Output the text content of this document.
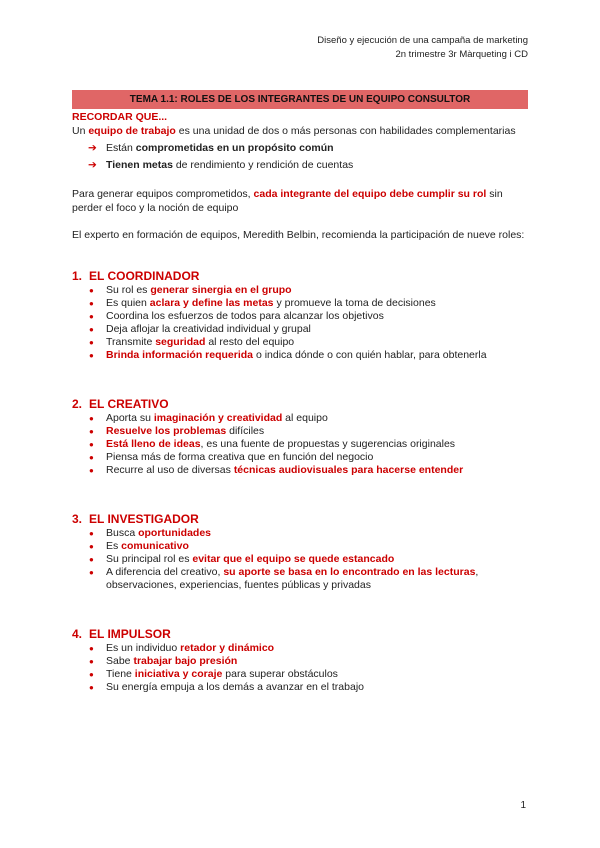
Diseño y ejecución de una campaña de marketing
2n trimestre 3r Màrqueting i CD
TEMA 1.1: ROLES DE LOS INTEGRANTES DE UN EQUIPO CONSULTOR
RECORDAR QUE...

Un equipo de trabajo es una unidad de dos o más personas con habilidades complementarias

➔ Están comprometidas en un propósito común
➔ Tienen metas de rendimiento y rendición de cuentas

Para generar equipos comprometidos, cada integrante del equipo debe cumplir su rol sin perder el foco y la noción de equipo

El experto en formación de equipos, Meredith Belbin, recomienda la participación de nueve roles:

1. EL COORDINADOR
● Su rol es generar sinergia en el grupo
● Es quien aclara y define las metas y promueve la toma de decisiones
● Coordina los esfuerzos de todos para alcanzar los objetivos
● Deja aflojar la creatividad individual y grupal
● Transmite seguridad al resto del equipo
● Brinda información requerida o indica dónde o con quién hablar, para obtenerla
2. EL CREATIVO
● Aporta su imaginación y creatividad al equipo
● Resuelve los problemas difíciles
● Está lleno de ideas, es una fuente de propuestas y sugerencias originales
● Piensa más de forma creativa que en función del negocio
● Recurre al uso de diversas técnicas audiovisuales para hacerse entender
3. EL INVESTIGADOR
● Busca oportunidades
● Es comunicativo
● Su principal rol es evitar que el equipo se quede estancado
● A diferencia del creativo, su aporte se basa en lo encontrado en las lecturas, observaciones, experiencias, fuentes públicas y privadas
4. EL IMPULSOR
● Es un individuo retador y dinámico
● Sabe trabajar bajo presión
● Tiene iniciativa y coraje para superar obstáculos
● Su energía empuja a los demás a avanzar en el trabajo
1
